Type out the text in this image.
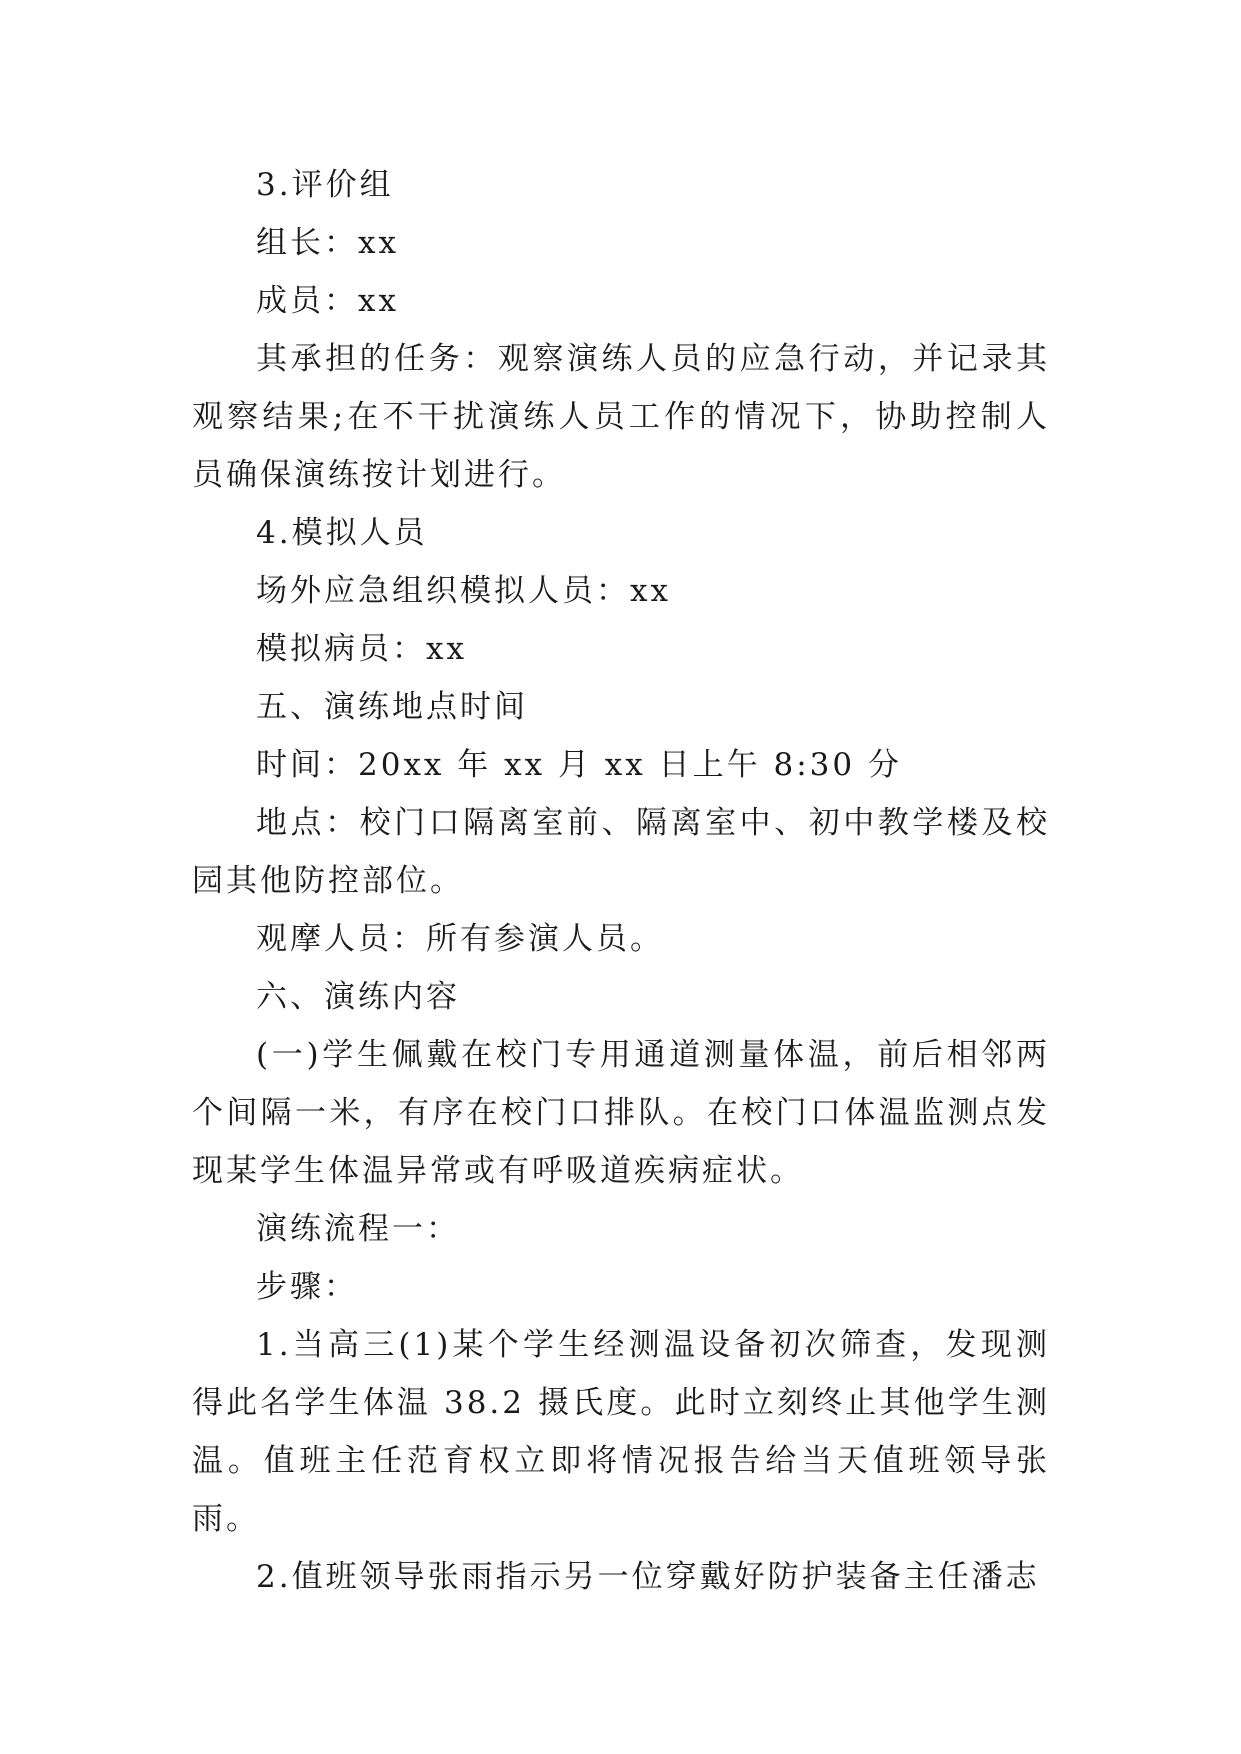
3.评价组

组长：xx

成员：xx

其承担的任务：观察演练人员的应急行动，并记录其观察结果;在不干扰演练人员工作的情况下，协助控制人员确保演练按计划进行。

4.模拟人员

场外应急组织模拟人员：xx

模拟病员：xx

五、演练地点时间

时间：20xx 年 xx 月 xx 日上午 8:30 分

地点：校门口隔离室前、隔离室中、初中教学楼及校园其他防控部位。

观摩人员：所有参演人员。

六、演练内容

(一)学生佩戴在校门专用通道测量体温，前后相邻两个间隔一米，有序在校门口排队。在校门口体温监测点发现某学生体温异常或有呼吸道疾病症状。

演练流程一：

步骤：

1.当高三(1)某个学生经测温设备初次筛查，发现测得此名学生体温 38.2 摄氏度。此时立刻终止其他学生测温。值班主任范育权立即将情况报告给当天值班领导张雨。

2.值班领导张雨指示另一位穿戴好防护装备主任潘志
